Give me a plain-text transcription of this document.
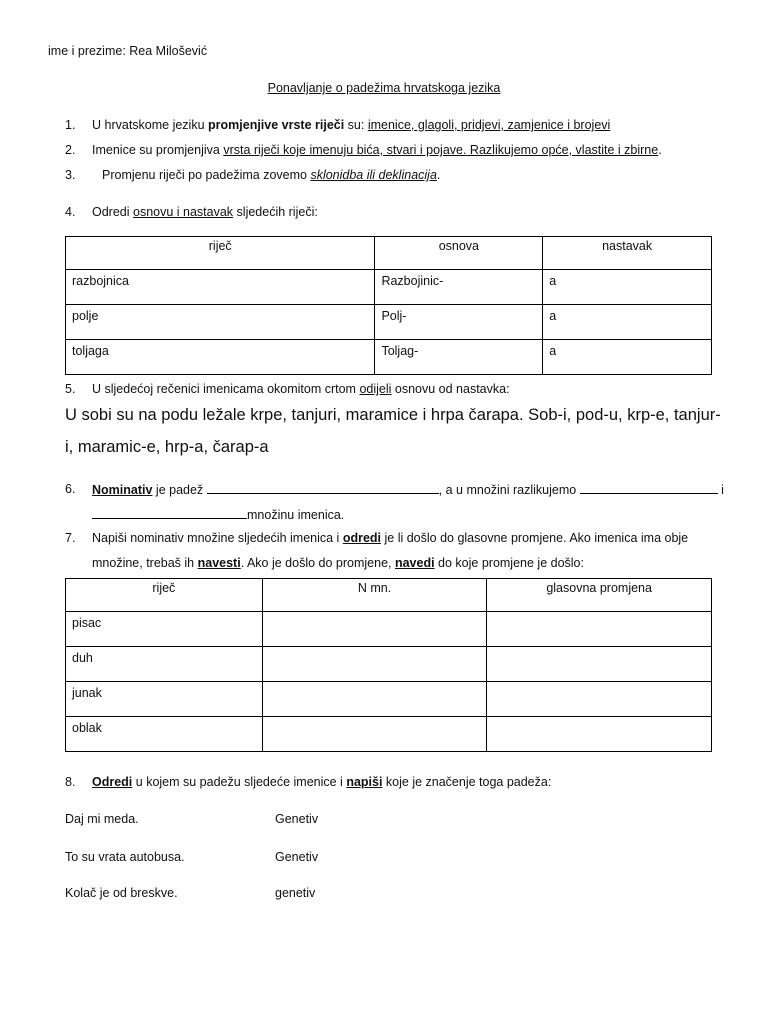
ime i prezime: Rea Milošević
Ponavljanje o padežima hrvatskoga jezika
1. U hrvatskome jeziku promjenjive vrste riječi su: imenice, glagoli, pridjevi, zamjenice i brojevi
2. Imenice su promjenjiva vrsta riječi koje imenuju bića, stvari i pojave. Razlikujemo opće, vlastite i zbirne.
3. Promjenu riječi po padežima zovemo sklonidba ili deklinacija.
4. Odredi osnovu i nastavak sljedećih riječi:
riječ	osnova	nastavak
razbojnica	Razbojinic-	a
polje	Polj-	a
toljaga	Toljag-	a
5. U sljedećoj rečenici imenicama okomitom crtom odijeli osnovu od nastavka:
U sobi su na podu ležale krpe, tanjuri, maramice i hrpa čarapa. Sob-i, pod-u, krp-e, tanjur-
i, maramic-e, hrp-a, čarap-a
6. Nominativ je padež	, a u množini razlikujemo	i
množinu imenica.
7. Napiši nominativ množine sljedećih imenica i odredi je li došlo do glasovne promjene. Ako imenica ima obje
množine, trebaš ih navesti. Ako je došlo do promjene, navedi do koje promjene je došlo:
riječ	N mn.	glasovna promjena
pisac		
duh		
junak		
oblak		
8. Odredi u kojem su padežu sljedeće imenice i napiši koje je značenje toga padeža:
Daj mi meda.	Genetiv
To su vrata autobusa.	Genetiv
Kolač je od breskve.	genetiv
